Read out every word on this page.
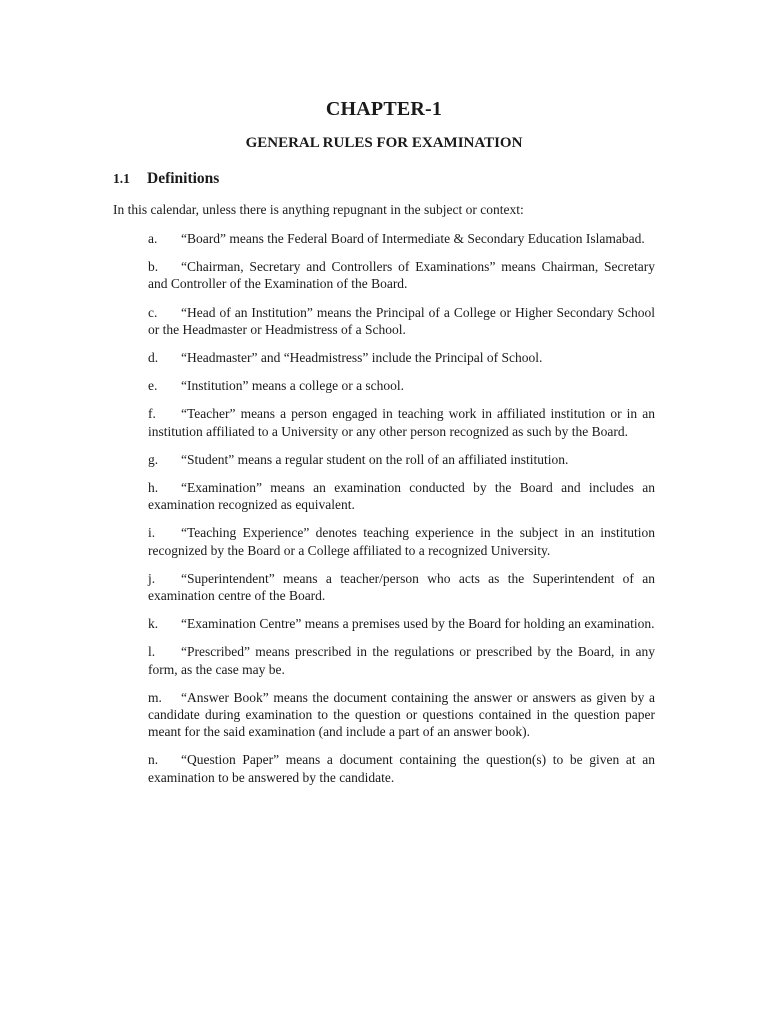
CHAPTER-1
GENERAL RULES FOR EXAMINATION
1.1	Definitions

In this calendar, unless there is anything repugnant in the subject or context:

a. “Board” means the Federal Board of Intermediate & Secondary Education Islamabad.

b. “Chairman, Secretary and Controllers of Examinations” means Chairman, Secretary and Controller of the Examination of the Board.

c. “Head of an Institution” means the Principal of a College or Higher Secondary School or the Headmaster or Headmistress of a School.

d. “Headmaster” and “Headmistress” include the Principal of School.

e. “Institution” means a college or a school.

f. “Teacher” means a person engaged in teaching work in affiliated institution or in an institution affiliated to a University or any other person recognized as such by the Board.

g. “Student” means a regular student on the roll of an affiliated institution.

h. “Examination” means an examination conducted by the Board and includes an examination recognized as equivalent.

i. “Teaching Experience” denotes teaching experience in the subject in an institution recognized by the Board or a College affiliated to a recognized University.

j. “Superintendent” means a teacher/person who acts as the Superintendent of an examination centre of the Board.

k. “Examination Centre” means a premises used by the Board for holding an examination.

l. “Prescribed” means prescribed in the regulations or prescribed by the Board, in any form, as the case may be.

m. “Answer Book” means the document containing the answer or answers as given by a candidate during examination to the question or questions contained in the question paper meant for the said examination (and include a part of an answer book).

n. “Question Paper” means a document containing the question(s) to be given at an examination to be answered by the candidate.
